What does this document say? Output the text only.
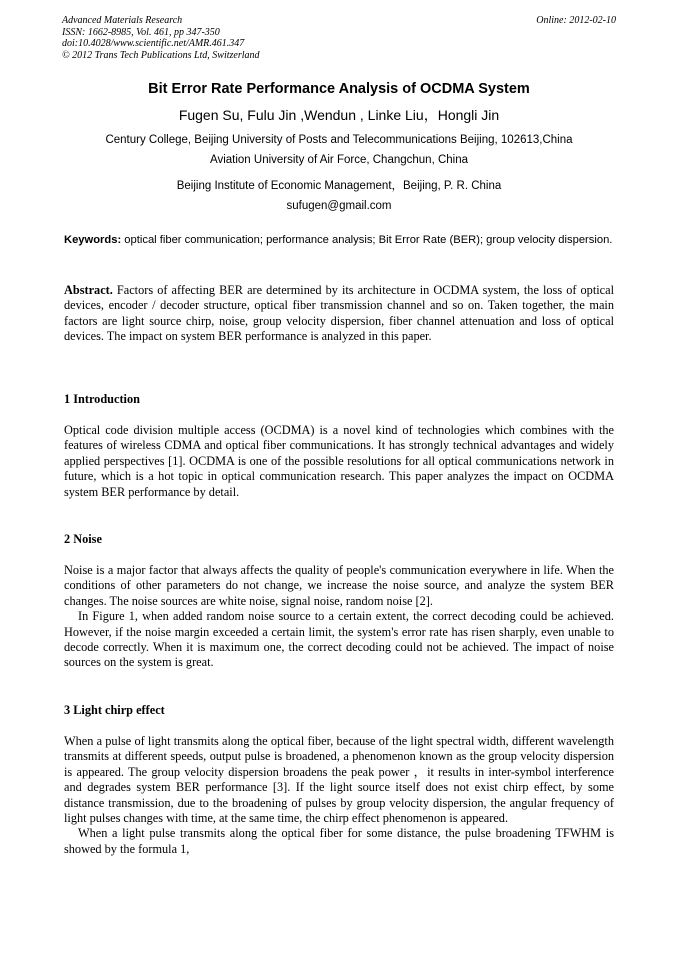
Advanced Materials Research
ISSN: 1662-8985, Vol. 461, pp 347-350
doi:10.4028/www.scientific.net/AMR.461.347
© 2012 Trans Tech Publications Ltd, Switzerland
Online: 2012-02-10
Bit Error Rate Performance Analysis of OCDMA System
Fugen Su, Fulu Jin ,Wendun , Linke Liu，Hongli Jin
Century College, Beijing University of Posts and Telecommunications Beijing, 102613,China
Aviation University of Air Force, Changchun, China
Beijing Institute of Economic Management，Beijing, P. R. China
sufugen@gmail.com
Keywords: optical fiber communication; performance analysis; Bit Error Rate (BER); group velocity dispersion.
Abstract. Factors of affecting BER are determined by its architecture in OCDMA system, the loss of optical devices, encoder / decoder structure, optical fiber transmission channel and so on. Taken together, the main factors are light source chirp, noise, group velocity dispersion, fiber channel attenuation and loss of optical devices. The impact on system BER performance is analyzed in this paper.
1 Introduction

Optical code division multiple access (OCDMA) is a novel kind of technologies which combines with the features of wireless CDMA and optical fiber communications. It has strongly technical advantages and widely applied perspectives [1]. OCDMA is one of the possible resolutions for all optical communications network in future, which is a hot topic in optical communication research. This paper analyzes the impact on OCDMA system BER performance by detail.

2 Noise

Noise is a major factor that always affects the quality of people's communication everywhere in life. When the conditions of other parameters do not change, we increase the noise source, and analyze the system BER changes. The noise sources are white noise, signal noise, random noise [2].

In Figure 1, when added random noise source to a certain extent, the correct decoding could be achieved. However, if the noise margin exceeded a certain limit, the system's error rate has risen sharply, even unable to decode correctly. When it is maximum one, the correct decoding could not be achieved. The impact of noise sources on the system is great.

3 Light chirp effect

When a pulse of light transmits along the optical fiber, because of the light spectral width, different wavelength transmits at different speeds, output pulse is broadened, a phenomenon known as the group velocity dispersion is appeared. The group velocity dispersion broadens the peak power ，it results in inter-symbol interference and degrades system BER performance [3]. If the light source itself does not exist chirp effect, by some distance transmission, due to the broadening of pulses by group velocity dispersion, the angular frequency of light pulses changes with time, at the same time, the chirp effect phenomenon is appeared.

When a light pulse transmits along the optical fiber for some distance, the pulse broadening TFWHM is showed by the formula 1,
